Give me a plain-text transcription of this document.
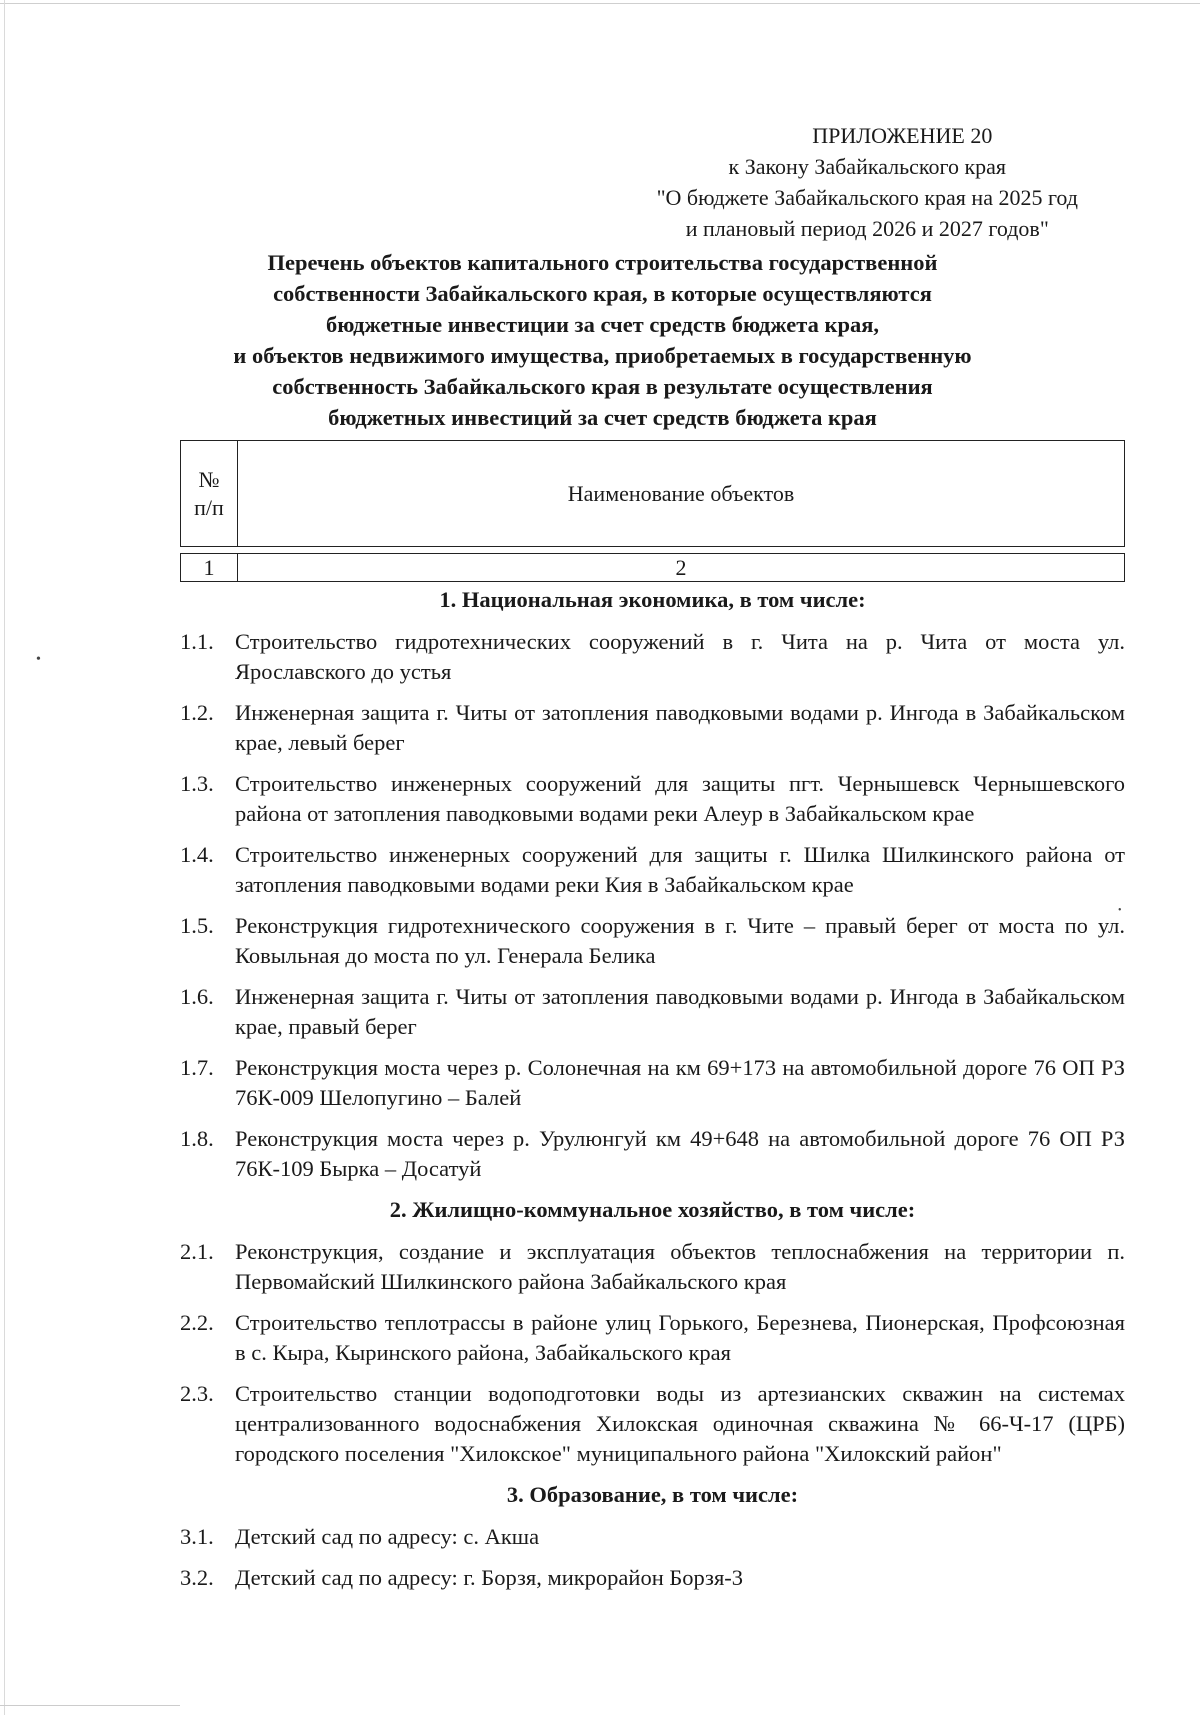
ПРИЛОЖЕНИЕ 20
к Закону Забайкальского края
"О бюджете Забайкальского края на 2025 год
и плановый период 2026 и 2027 годов"
Перечень объектов капитального строительства государственной
собственности Забайкальского края, в которые осуществляются
бюджетные инвестиции за счет средств бюджета края,
и объектов недвижимого имущества, приобретаемых в государственную
собственность Забайкальского края в результате осуществления
бюджетных инвестиций за счет средств бюджета края
№
п/п	Наименование объектов

1	2
1. Национальная экономика, в том числе:
1.1. Строительство гидротехнических сооружений в г. Чита на р. Чита от моста ул. Ярославского до устья
1.2. Инженерная защита г. Читы от затопления паводковыми водами р. Ингода в Забайкальском крае, левый берег
1.3. Строительство инженерных сооружений для защиты пгт. Чернышевск Чернышевского района от затопления паводковыми водами реки Алеур в Забайкальском крае
1.4. Строительство инженерных сооружений для защиты г. Шилка Шилкинского района от затопления паводковыми водами реки Кия в Забайкальском крае
1.5. Реконструкция гидротехнического сооружения в г. Чите – правый берег от моста по ул. Ковыльная до моста по ул. Генерала Белика
1.6. Инженерная защита г. Читы от затопления паводковыми водами р. Ингода в Забайкальском крае, правый берег
1.7. Реконструкция моста через р. Солонечная на км 69+173 на автомобильной дороге 76 ОП РЗ 76К-009 Шелопугино – Балей
1.8. Реконструкция моста через р. Урулюнгуй км 49+648 на автомобильной дороге 76 ОП РЗ 76К-109 Бырка – Досатуй
2. Жилищно-коммунальное хозяйство, в том числе:
2.1. Реконструкция, создание и эксплуатация объектов теплоснабжения на территории п. Первомайский Шилкинского района Забайкальского края
2.2. Строительство теплотрассы в районе улиц Горького, Березнева, Пионерская, Профсоюзная в с. Кыра, Кыринского района, Забайкальского края
2.3. Строительство станции водоподготовки воды из артезианских скважин на системах централизованного водоснабжения Хилокская одиночная скважина № 66-Ч-17 (ЦРБ) городского поселения "Хилокское" муниципального района "Хилокский район"
3. Образование, в том числе:
3.1. Детский сад по адресу: с. Акша
3.2. Детский сад по адресу: г. Борзя, микрорайон Борзя-3
•
•
